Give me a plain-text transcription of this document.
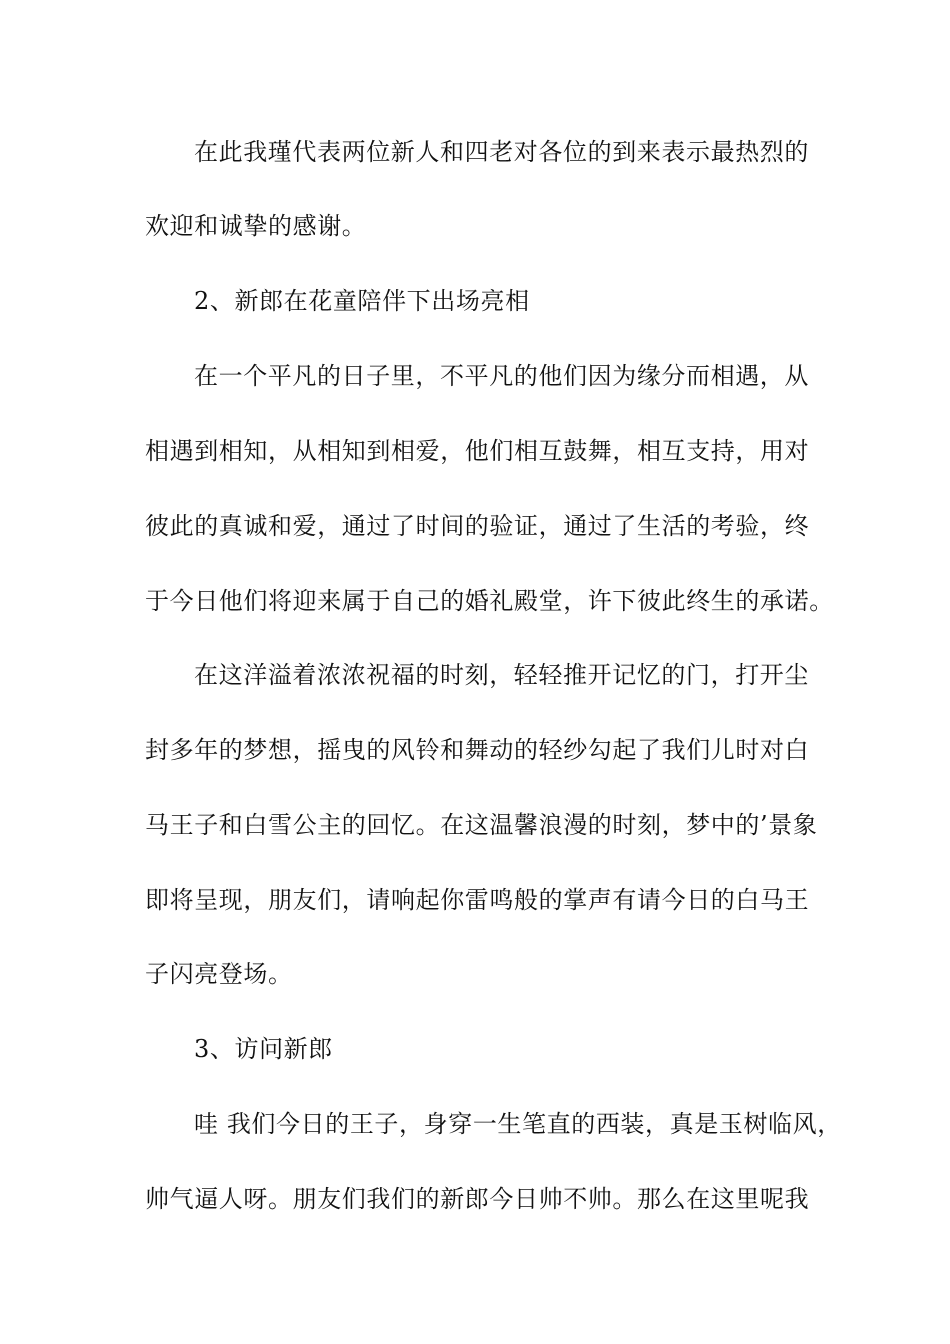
在此我瑾代表两位新人和四老对各位的到来表示最热烈的
欢迎和诚挚的感谢。
2、新郎在花童陪伴下出场亮相
在一个平凡的日子里，不平凡的他们因为缘分而相遇，从
相遇到相知，从相知到相爱，他们相互鼓舞，相互支持，用对
彼此的真诚和爱，通过了时间的验证，通过了生活的考验，终
于今日他们将迎来属于自己的婚礼殿堂，许下彼此终生的承诺。
在这洋溢着浓浓祝福的时刻，轻轻推开记忆的门，打开尘
封多年的梦想，摇曳的风铃和舞动的轻纱勾起了我们儿时对白
马王子和白雪公主的回忆。在这温馨浪漫的时刻，梦中的’景象
即将呈现，朋友们，请响起你雷鸣般的掌声有请今日的白马王
子闪亮登场。
3、访问新郎
哇 我们今日的王子，身穿一生笔直的西装，真是玉树临风，
帅气逼人呀。朋友们我们的新郎今日帅不帅。那么在这里呢我
